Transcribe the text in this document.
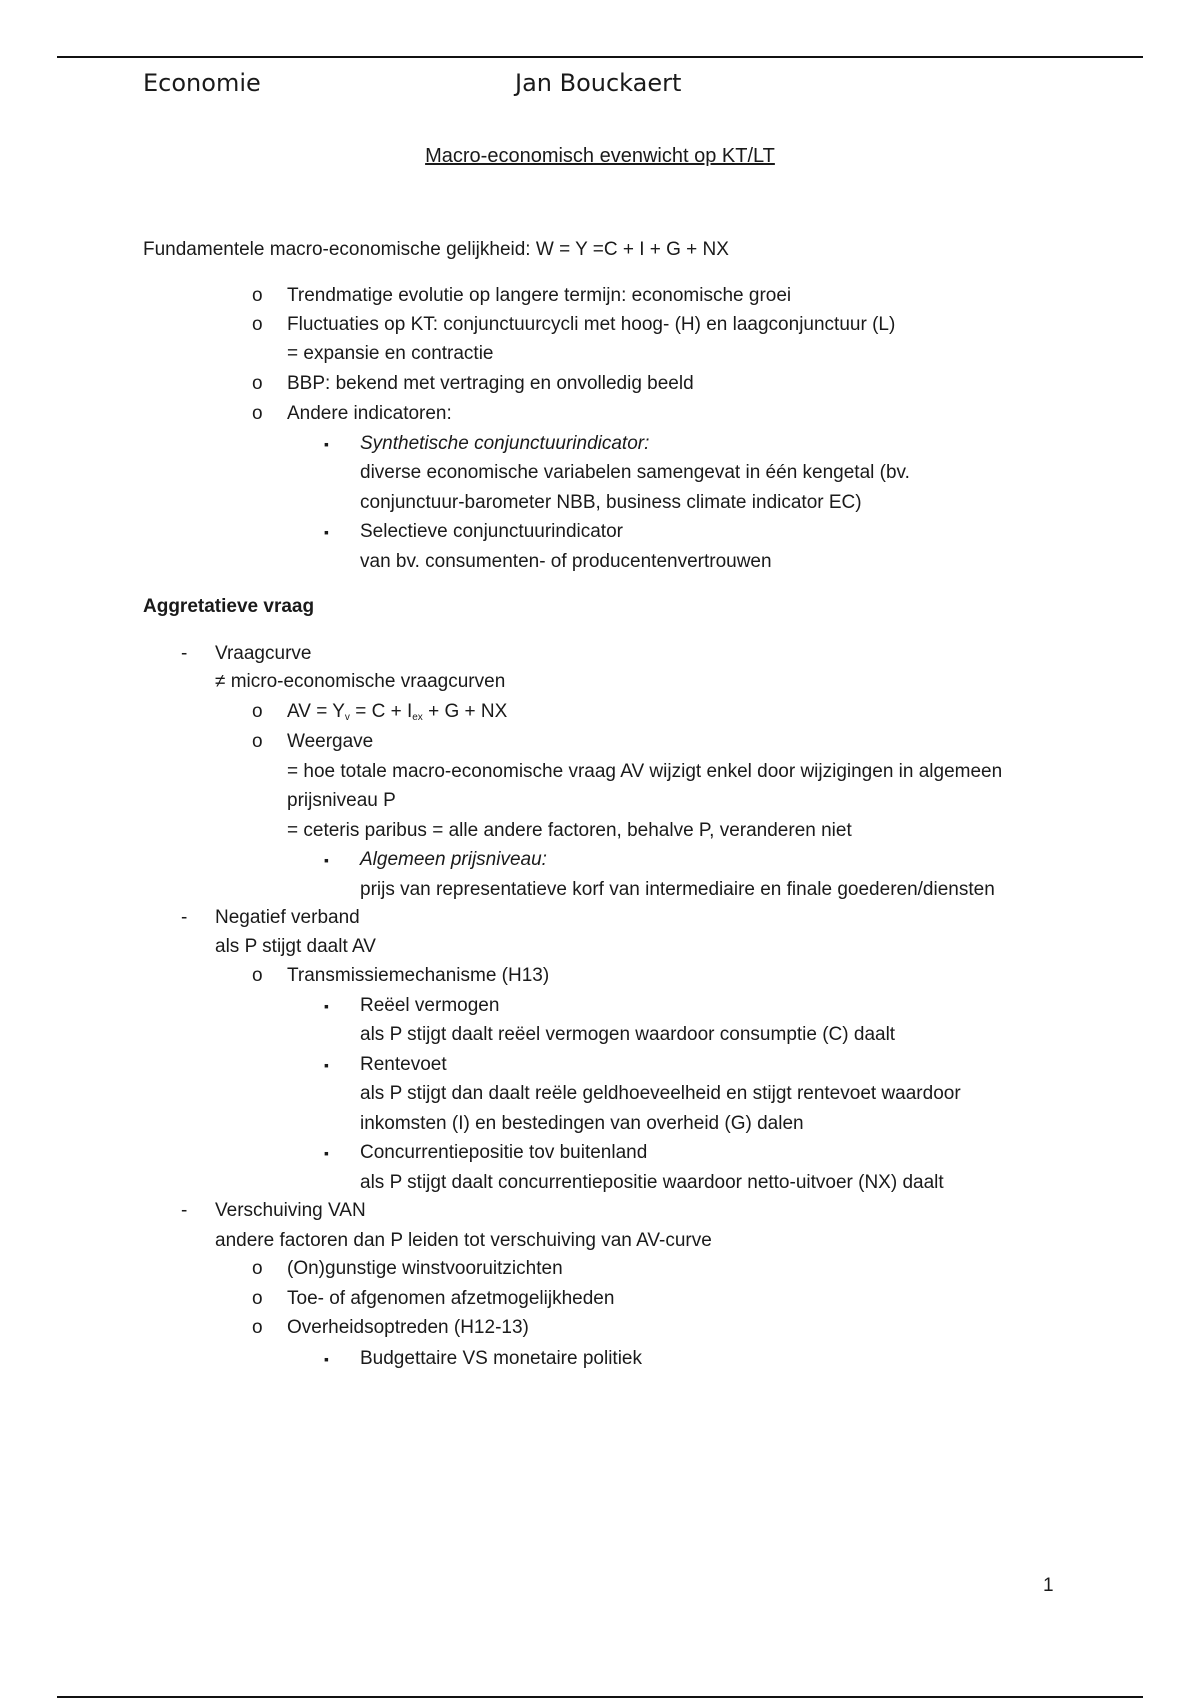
Economie	Jan Bouckaert
Macro-economisch evenwicht op KT/LT
Fundamentele macro-economische gelijkheid: W = Y =C + I + G + NX
o Trendmatige evolutie op langere termijn: economische groei
o Fluctuaties op KT: conjunctuurcycli met hoog- (H) en laagconjunctuur (L)
= expansie en contractie
o BBP: bekend met vertraging en onvolledig beeld
o Andere indicatoren:
▪ Synthetische conjunctuurindicator:
diverse economische variabelen samengevat in één kengetal (bv.
conjunctuur-barometer NBB, business climate indicator EC)
▪ Selectieve conjunctuurindicator
van bv. consumenten- of producentenvertrouwen
Aggretatieve vraag
- Vraagcurve
≠ micro-economische vraagcurven
o AV = $Y_v = C + I_{ex} + G$ + NX
o Weergave
= hoe totale macro-economische vraag AV wijzigt enkel door wijzigingen in algemeen
prijsniveau P
= ceteris paribus = alle andere factoren, behalve P, veranderen niet
▪ Algemeen prijsniveau:
prijs van representatieve korf van intermediaire en finale goederen/diensten
- Negatief verband
als P stijgt daalt AV
o Transmissiemechanisme (H13)
▪ Reëel vermogen
als P stijgt daalt reëel vermogen waardoor consumptie (C) daalt
▪ Rentevoet
als P stijgt dan daalt reële geldhoeveelheid en stijgt rentevoet waardoor
inkomsten (I) en bestedingen van overheid (G) dalen
▪ Concurrentiepositie tov buitenland
als P stijgt daalt concurrentiepositie waardoor netto-uitvoer (NX) daalt
- Verschuiving VAN
andere factoren dan P leiden tot verschuiving van AV-curve
o (On)gunstige winstvooruitzichten
o Toe- of afgenomen afzetmogelijkheden
o Overheidsoptreden (H12-13)
▪ Budgettaire VS monetaire politiek
1
